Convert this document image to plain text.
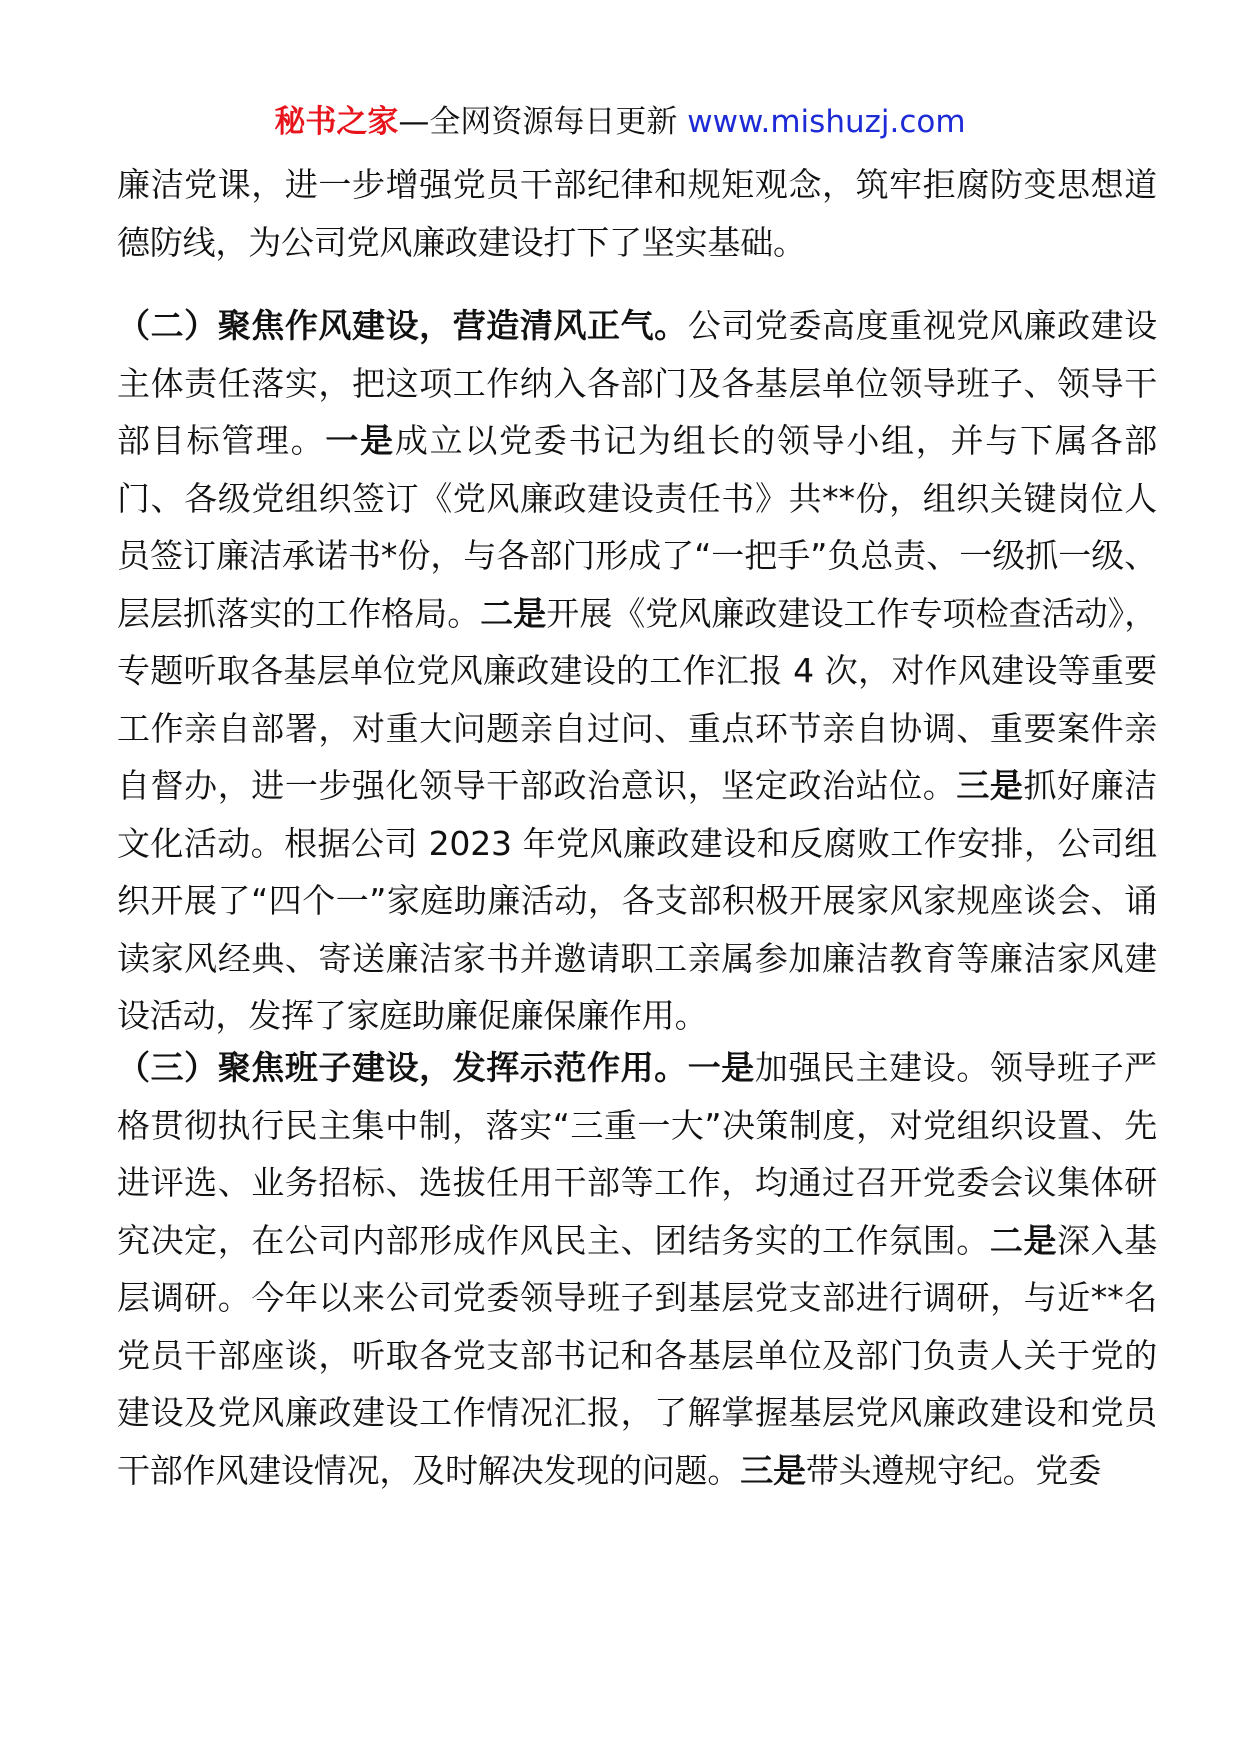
秘书之家—全网资源每日更新 www.mishuzj.com

廉洁党课，进一步增强党员干部纪律和规矩观念，筑牢拒腐防变思想道德防线，为公司党风廉政建设打下了坚实基础。

（二）聚焦作风建设，营造清风正气。公司党委高度重视党风廉政建设主体责任落实，把这项工作纳入各部门及各基层单位领导班子、领导干部目标管理。一是成立以党委书记为组长的领导小组，并与下属各部门、各级党组织签订《党风廉政建设责任书》共**份，组织关键岗位人员签订廉洁承诺书*份，与各部门形成了“一把手”负总责、一级抓一级、层层抓落实的工作格局。二是开展《党风廉政建设工作专项检查活动》，专题听取各基层单位党风廉政建设的工作汇报 4 次，对作风建设等重要工作亲自部署，对重大问题亲自过问、重点环节亲自协调、重要案件亲自督办，进一步强化领导干部政治意识，坚定政治站位。三是抓好廉洁文化活动。根据公司 2023 年党风廉政建设和反腐败工作安排，公司组织开展了“四个一”家庭助廉活动，各支部积极开展家风家规座谈会、诵读家风经典、寄送廉洁家书并邀请职工亲属参加廉洁教育等廉洁家风建设活动，发挥了家庭助廉促廉保廉作用。

（三）聚焦班子建设，发挥示范作用。一是加强民主建设。领导班子严格贯彻执行民主集中制，落实“三重一大”决策制度，对党组织设置、先进评选、业务招标、选拔任用干部等工作，均通过召开党委会议集体研究决定，在公司内部形成作风民主、团结务实的工作氛围。二是深入基层调研。今年以来公司党委领导班子到基层党支部进行调研，与近**名党员干部座谈，听取各党支部书记和各基层单位及部门负责人关于党的建设及党风廉政建设工作情况汇报，了解掌握基层党风廉政建设和党员干部作风建设情况，及时解决发现的问题。三是带头遵规守纪。党委
